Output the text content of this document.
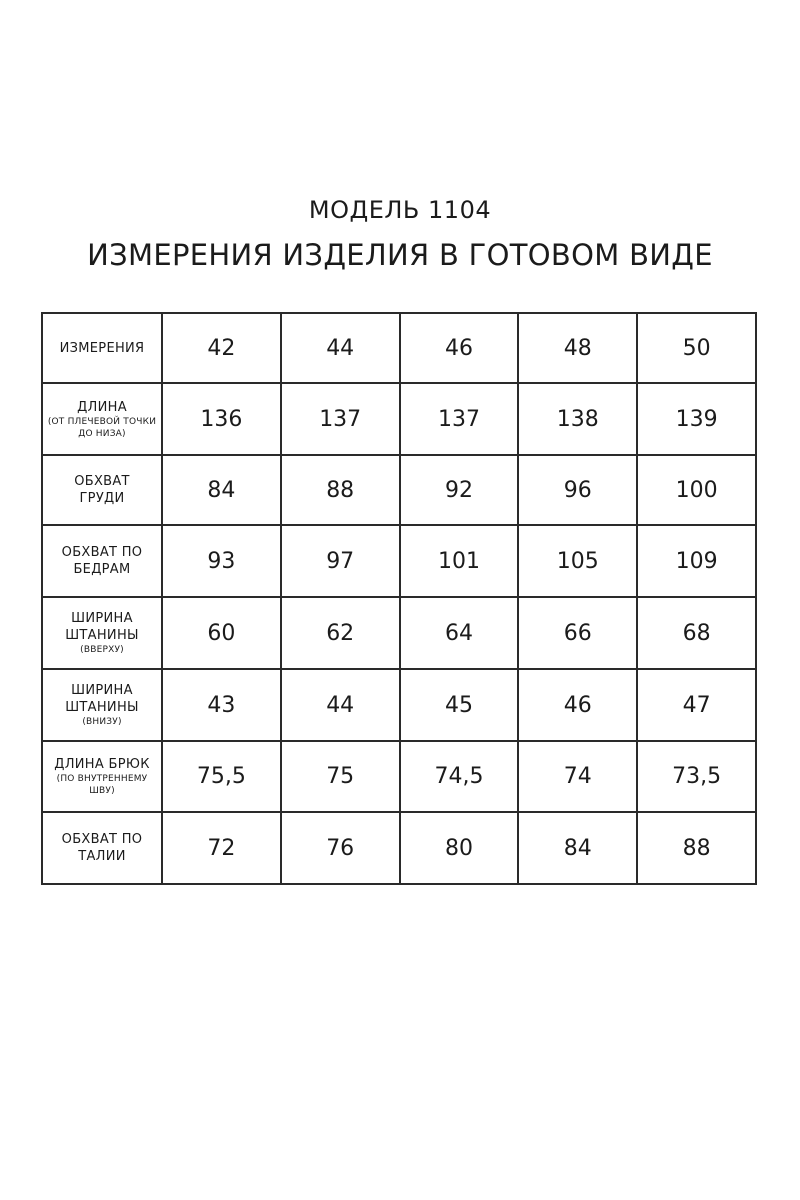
МОДЕЛЬ 1104
ИЗМЕРЕНИЯ ИЗДЕЛИЯ В ГОТОВОМ ВИДЕ
ИЗМЕРЕНИЯ	42	44	46	48	50

ДЛИНА
(ОТ ПЛЕЧЕВОЙ ТОЧКИ ДО НИЗА)	136	137	137	138	139

ОБХВАТ
ГРУДИ	84	88	92	96	100

ОБХВАТ ПО
БЕДРАМ	93	97	101	105	109

ШИРИНА
ШТАНИНЫ
(ВВЕРХУ)	60	62	64	66	68

ШИРИНА
ШТАНИНЫ
(ВНИЗУ)	43	44	45	46	47

ДЛИНА БРЮК
(ПО ВНУТРЕННЕМУ ШВУ)	75,5	75	74,5	74	73,5

ОБХВАТ ПО
ТАЛИИ	72	76	80	84	88
